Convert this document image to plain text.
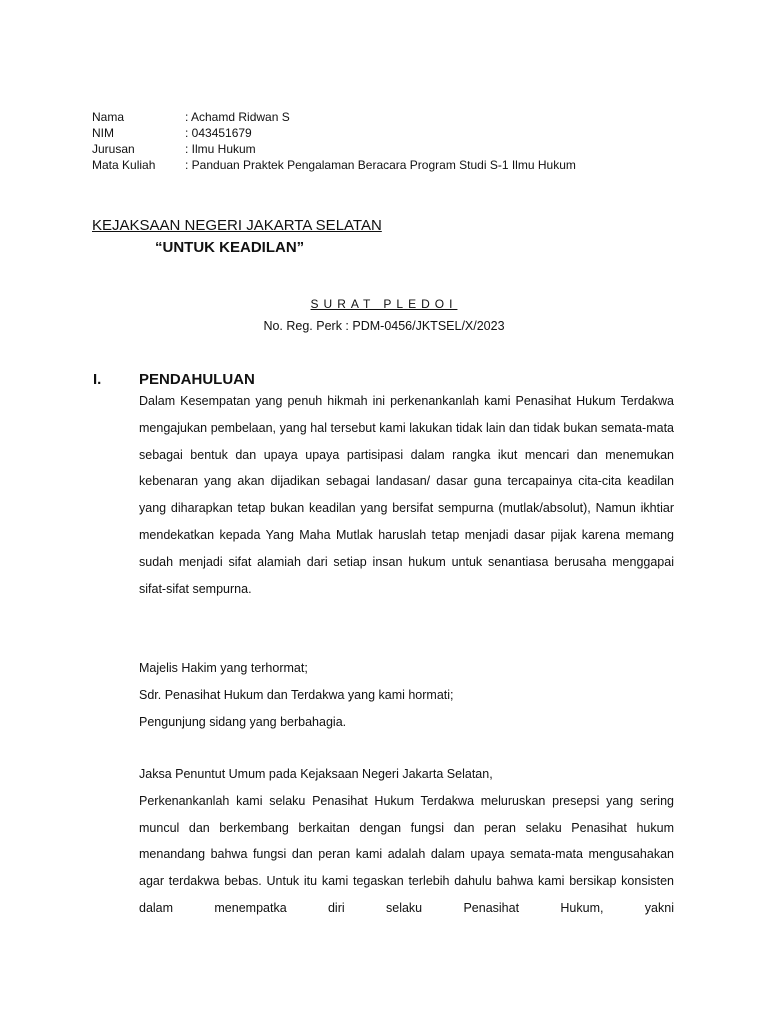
Nama	: Achamd Ridwan S
NIM	: 043451679
Jurusan	: Ilmu Hukum
Mata Kuliah	: Panduan Praktek Pengalaman Beracara Program Studi S-1 Ilmu Hukum
KEJAKSAAN NEGERI JAKARTA SELATAN
“UNTUK KEADILAN”
SURAT PLEDOI
No. Reg. Perk : PDM-0456/JKTSEL/X/2023
I.	PENDAHULUAN

Dalam Kesempatan yang penuh hikmah ini perkenankanlah kami Penasihat Hukum Terdakwa mengajukan pembelaan, yang hal tersebut kami lakukan tidak lain dan tidak bukan semata-mata sebagai bentuk dan upaya upaya partisipasi dalam rangka ikut mencari dan menemukan kebenaran yang akan dijadikan sebagai landasan/ dasar guna tercapainya cita-cita keadilan yang diharapkan tetap bukan keadilan yang bersifat sempurna (mutlak/absolut), Namun ikhtiar mendekatkan kepada Yang Maha Mutlak haruslah tetap menjadi dasar pijak karena memang sudah menjadi sifat alamiah dari setiap insan hukum untuk senantiasa berusaha menggapai sifat-sifat sempurna.

Majelis Hakim yang terhormat;
Sdr. Penasihat Hukum dan Terdakwa yang kami hormati;
Pengunjung sidang yang berbahagia.
Jaksa Penuntut Umum pada Kejaksaan Negeri Jakarta Selatan,

Perkenankanlah kami selaku Penasihat Hukum Terdakwa meluruskan presepsi yang sering muncul dan berkembang berkaitan dengan fungsi dan peran selaku Penasihat hukum menandang bahwa fungsi dan peran kami adalah dalam upaya semata-mata mengusahakan agar terdakwa bebas. Untuk itu kami tegaskan terlebih dahulu bahwa kami bersikap konsisten dalam menempatka diri selaku Penasihat Hukum, yakni
